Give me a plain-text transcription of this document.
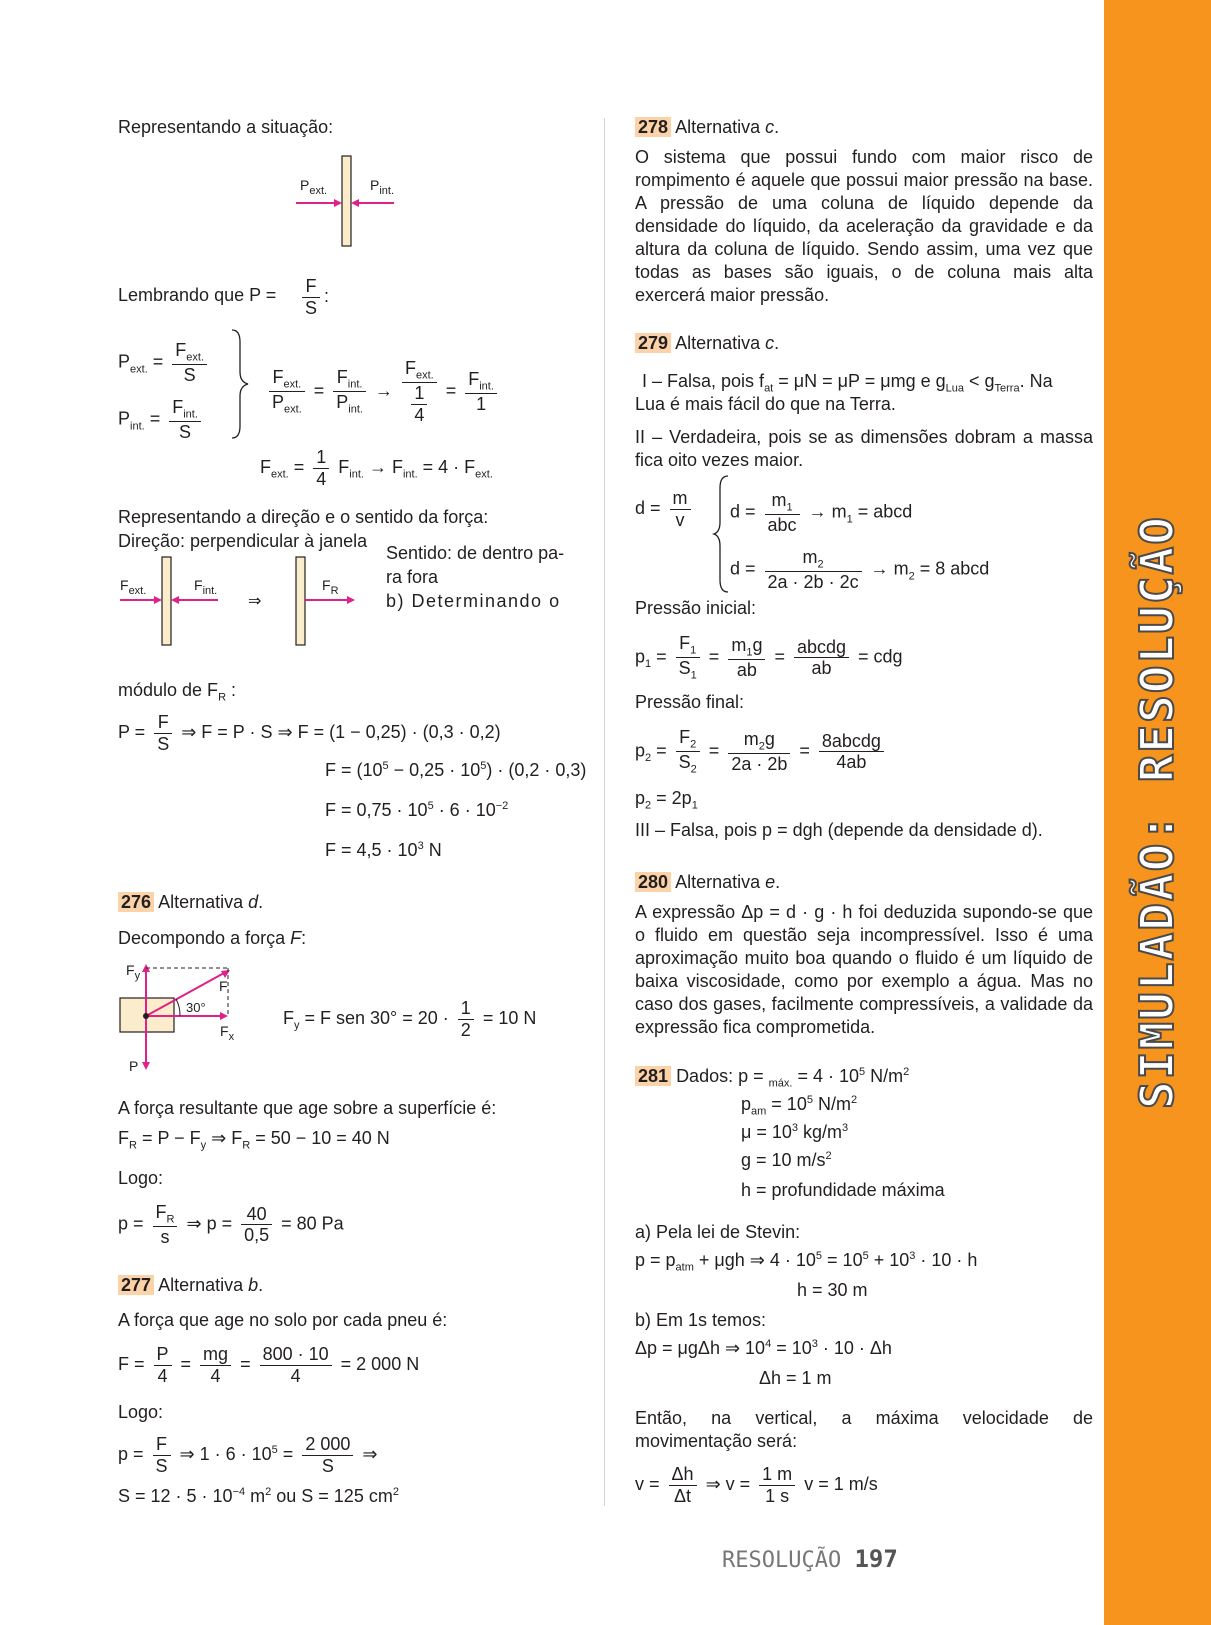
SIMULADÃO: RESOLUÇÃO
Representando a situação:
$P_{ext.}$	$P_{int.}$
Lembrando que $P = \frac{F}{S}$ :
$P_{ext.} = \frac{F_{ext.}}{S}$
$P_{int.} = \frac{F_{int.}}{S}$
$\frac{F_{ext.}}{P_{ext.}} = \frac{F_{int.}}{P_{int.}} \to \frac{F_{ext.}}{\frac{1}{4}} = \frac{F_{int.}}{1}$
$F_{ext.} = \frac{1}{4} F_{int.} \to F_{int.} = 4 \cdot F_{ext.}$
Representando a direção e o sentido da força:
Direção: perpendicular à janela
Sentido: de dentro pa-
ra fora
b) Determinando o
⇒
$F_{ext.}$	$F_{int.}$	$F_R$
módulo de $F_R$ :
$P = \frac{F}{S}$ ⇒ F = P · S ⇒ F = (1 − 0,25) · (0,3 · 0,2)
$F = (10^5 - 0,25 \cdot 10^5) \cdot (0,2 \cdot 0,3)$
$F = 0,75 \cdot 10^5 \cdot 6 \cdot 10^{-2}$
$F = 4,5 \cdot 10^3$ N
276 Alternativa d.
Decompondo a força F:
$F_y$
F
30°
$F_x$
P
$F_y = F$ sen $30^\circ = 20 \cdot \frac{1}{2} = 10$ N
A força resultante que age sobre a superfície é:
$F_R = P - F_y$ ⇒ $F_R = 50 - 10 = 40$ N
Logo:
$p = \frac{F_R}{s}$ ⇒ $p = \frac{40}{0,5} = 80$ Pa
277 Alternativa b.
A força que age no solo por cada pneu é:
$F = \frac{P}{4} = \frac{mg}{4} = \frac{800 \cdot 10}{4} = 2$ 000 N
Logo:
$p = \frac{F}{S}$ ⇒ $1 \cdot 6 \cdot 10^5 = \frac{2 000}{S}$ ⇒
$S = 12 \cdot 5 \cdot 10^{-4}$ $m^2$ ou S = 125 $cm^2$
278 Alternativa c.
O sistema que possui fundo com maior risco de rompimento é aquele que possui maior pressão na base. A pressão de uma coluna de líquido depende da densidade do líquido, da aceleração da gravidade e da altura da coluna de líquido. Sendo assim, uma vez que todas as bases são iguais, o de coluna mais alta exercerá maior pressão.
279 Alternativa c.
I – Falsa, pois $f_{at} = \mu N = \mu P = \mu mg$ e $g_{Lua} < g_{Terra}$. Na
Lua é mais fácil do que na Terra.
II – Verdadeira, pois se as dimensões dobram a massa fica oito vezes maior.
$d = \frac{m}{v}$ $d = \frac{m_1}{\text{abc}} \to m_1$ = abcd
$d = \frac{m_2}{2a \cdot 2b \cdot 2c} \to m_2 = 8$ abcd
Pressão inicial:
$p_1 = \frac{F_1}{S_1} = \frac{m_1g}{ab} = \frac{\text{abcdg}}{ab}$ = cdg
Pressão final:
$p_2 = \frac{F_2}{S_2} = \frac{m_2g}{2a \cdot 2b} = \frac{\text{8abcdg}}{4ab}$
$p_2 = 2p_1$
III – Falsa, pois p = dgh (depende da densidade d).
280 Alternativa e.
A expressão Δp = d · g · h foi deduzida supondo-se que o fluido em questão seja incompressível. Isso é uma aproximação muito boa quando o fluido é um líquido de baixa viscosidade, como por exemplo a água. Mas no caso dos gases, facilmente compressíveis, a validade da expressão fica comprometida.
281 Dados: $p = _{máx.} = 4 \cdot 10^5$ $N/m^2$
$p_{am} = 10^5$ $N/m^2$
$\mu = 10^3$ $kg/m^3$
g = 10 $m/s^2$
h = profundidade máxima
a) Pela lei de Stevin:
$p = p_{atm} + \mu gh$ ⇒ $4 \cdot 10^5 = 10^5 + 10^3 \cdot 10 \cdot h$
h = 30 m
b) Em 1s temos:
Δp = μgΔh ⇒ $10^4 = 10^3 \cdot 10 \cdot \Delta h$
Δh = 1 m
Então, na vertical, a máxima velocidade de movimentação será:
$v = \frac{\Delta h}{\Delta t}$ ⇒ $v = \frac{1 m}{1 s}$ v = 1 m/s
RESOLUÇÃO 197
